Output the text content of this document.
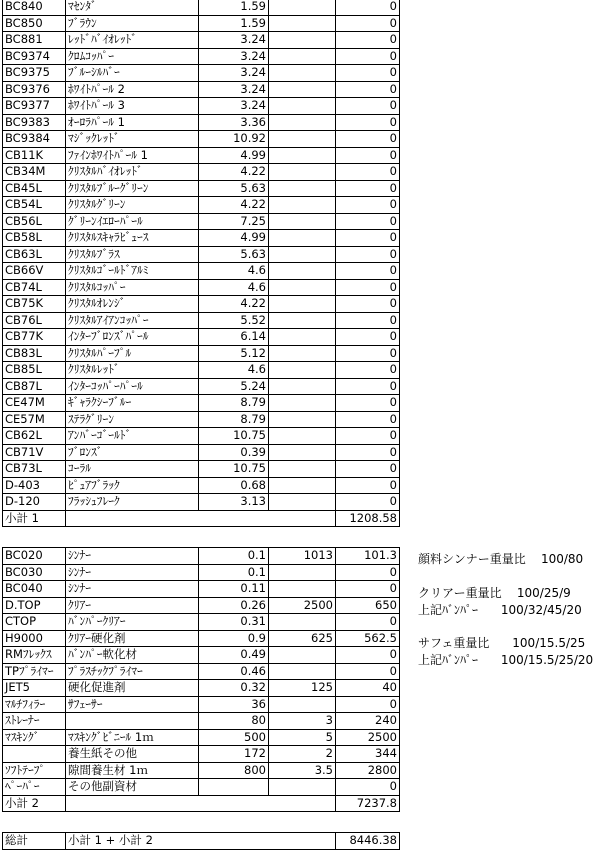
BC840	ﾏｾﾝﾀﾞ	1.59		0
BC850	ﾌﾞﾗｳﾝ	1.59		0
BC881	ﾚｯﾄﾞﾊﾞｲｵﾚｯﾄﾞ	3.24		0
BC9374	ｸﾛﾑｺｯﾊﾟｰ	3.24		0
BC9375	ﾌﾞﾙｰｼﾙﾊﾞｰ	3.24		0
BC9376	ﾎﾜｲﾄﾊﾟｰﾙ 2	3.24		0
BC9377	ﾎﾜｲﾄﾊﾟｰﾙ 3	3.24		0
BC9383	ｵｰﾛﾗﾊﾟｰﾙ 1	3.36		0
BC9384	ﾏｼﾞｯｸﾚｯﾄﾞ	10.92		0
CB11K	ﾌｧｲﾝﾎﾜｲﾄﾊﾟｰﾙ 1	4.99		0
CB34M	ｸﾘｽﾀﾙﾊﾞｲｵﾚｯﾄﾞ	4.22		0
CB45L	ｸﾘｽﾀﾙﾌﾞﾙｰｸﾞﾘｰﾝ	5.63		0
CB54L	ｸﾘｽﾀﾙｸﾞﾘｰﾝ	4.22		0
CB56L	ｸﾞﾘｰﾝｲｴﾛｰﾊﾟｰﾙ	7.25		0
CB58L	ｸﾘｽﾀﾙｽｷｬﾗﾋﾞｭｰｽ	4.99		0
CB63L	ｸﾘｽﾀﾙﾌﾞﾗｽ	5.63		0
CB66V	ｸﾘｽﾀﾙｺﾞｰﾙﾄﾞｱﾙﾐ	4.6		0
CB74L	ｸﾘｽﾀﾙｺｯﾊﾟｰ	4.6		0
CB75K	ｸﾘｽﾀﾙｵﾚﾝｼﾞ	4.22		0
CB76L	ｸﾘｽﾀﾙｱｲｱﾝｺｯﾊﾟｰ	5.52		0
CB77K	ｲﾝﾀｰﾌﾞﾛﾝｽﾞﾊﾟｰﾙ	6.14		0
CB83L	ｸﾘｽﾀﾙﾊﾟｰﾌﾟﾙ	5.12		0
CB85L	ｸﾘｽﾀﾙﾚｯﾄﾞ	4.6		0
CB87L	ｲﾝﾀｰｺｯﾊﾟｰﾊﾟｰﾙ	5.24		0
CE47M	ｷﾞｬﾗｸｼｰﾌﾞﾙｰ	8.79		0
CE57M	ｽﾃﾗｸﾞﾘｰﾝ	8.79		0
CB62L	ｱﾝﾊﾞｰｺﾞｰﾙﾄﾞ	10.75		0
CB71V	ﾌﾞﾛﾝｽﾞ	0.39		0
CB73L	ｺｰﾗﾙ	10.75		0
D-403	ﾋﾟｭｱﾌﾞﾗｯｸ	0.68		0
D-120	ﾌﾗｯｼｭﾌﾚｰｸ	3.13		0
小計 1				1208.58
BC020	ｼﾝﾅｰ	0.1	1013	101.3
BC030	ｼﾝﾅｰ	0.1		0
BC040	ｼﾝﾅｰ	0.11		0
D.TOP	ｸﾘｱｰ	0.26	2500	650
CTOP	ﾊﾞﾝﾊﾟｰｸﾘｱｰ	0.31		0
H9000	ｸﾘｱｰ硬化剤	0.9	625	562.5
RMﾌﾚｯｸｽ	ﾊﾞﾝﾊﾟｰ軟化材	0.49		0
TPﾌﾟﾗｲﾏｰ	ﾌﾟﾗｽﾁｯｸﾌﾟﾗｲﾏｰ	0.46		0
JET5	硬化促進剤	0.32	125	40
ﾏﾙﾁﾌｨﾗｰ	ｻﾌｪｰｻｰ	36		0
ｽﾄﾚｰﾅｰ		80	3	240
ﾏｽｷﾝｸﾞ	ﾏｽｷﾝｸﾞﾋﾞﾆｰﾙ 1ｍ	500	5	2500
	養生紙その他	172	2	344
ｿﾌﾄﾃｰﾌﾟ	隙間養生材 1ｍ	800	3.5	2800
ﾍﾟｰﾊﾟｰ	その他副資材			0
小計 2				7237.8
総計	小計 1 + 小計 2	8446.38
顔料シンナー重量比    100/80
クリアー重量比    100/25/9
上記ﾊﾞﾝﾊﾟｰ      100/32/45/20
サフェ重量比      100/15.5/25
上記ﾊﾞﾝﾊﾟｰ      100/15.5/25/20
